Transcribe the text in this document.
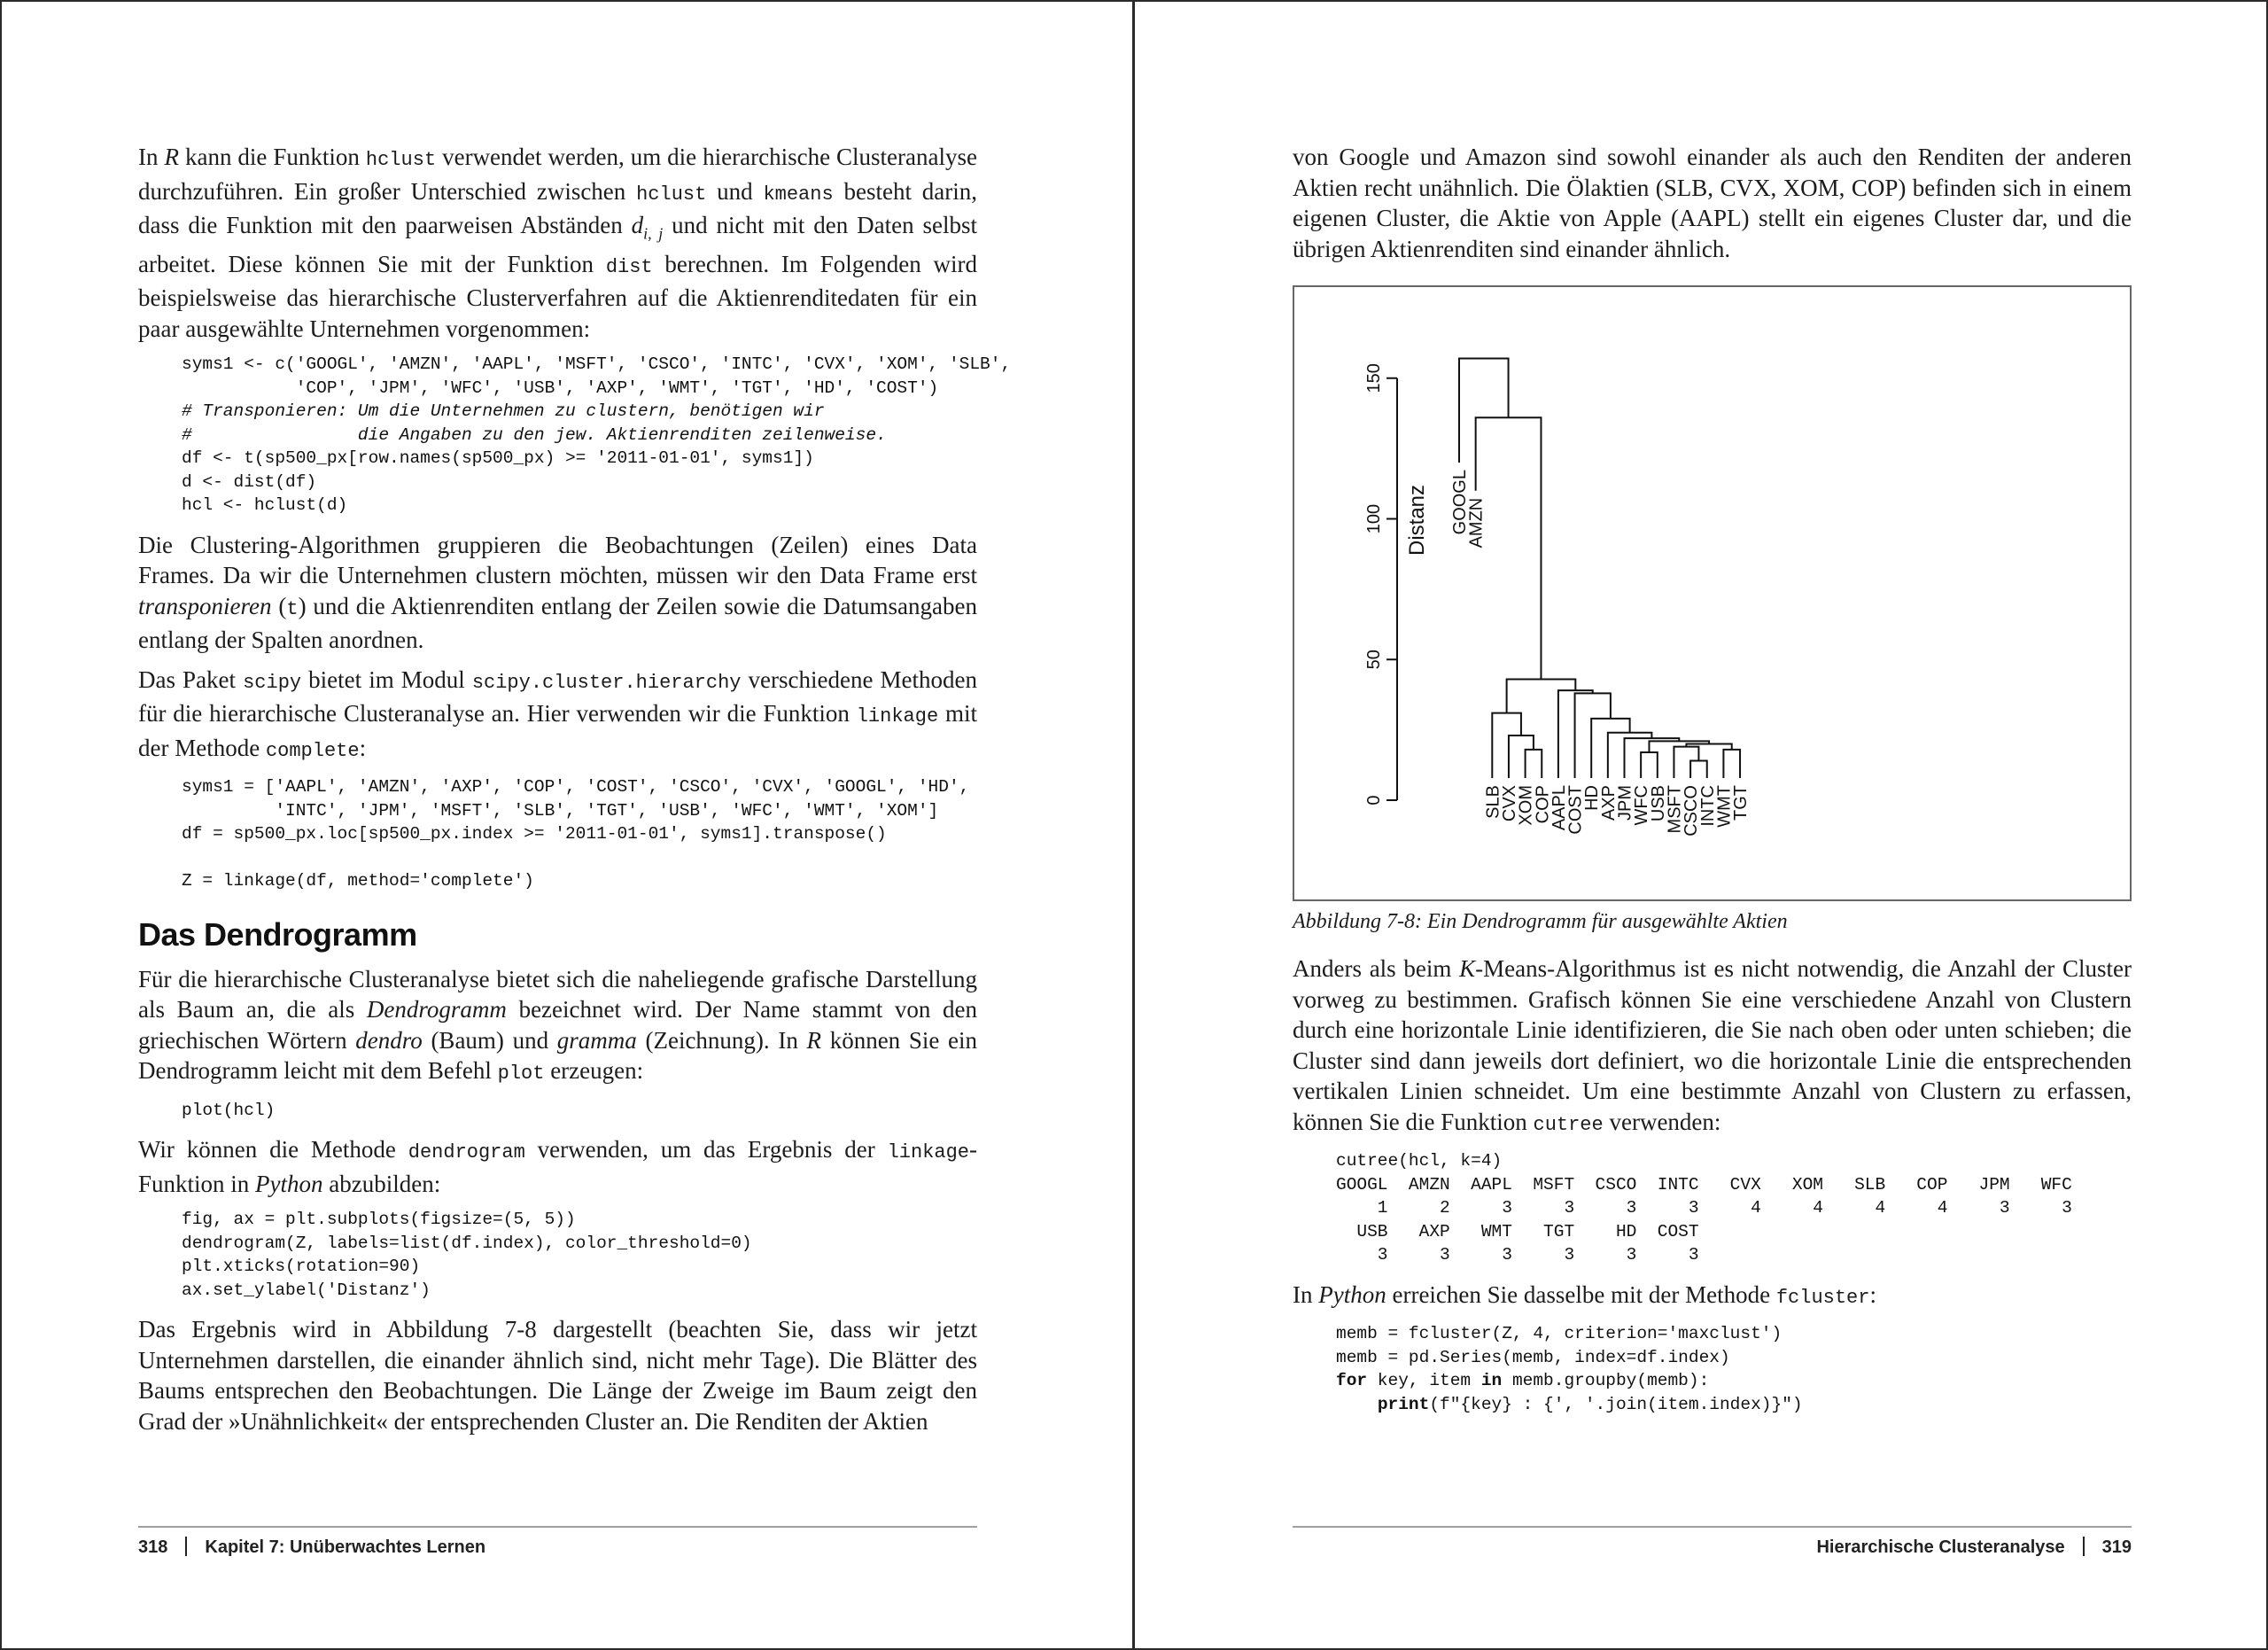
In R kann die Funktion hclust verwendet werden, um die hierarchische Clusteranalyse durchzuführen. Ein großer Unterschied zwischen hclust und kmeans besteht darin, dass die Funktion mit den paarweisen Abständen $d_{i, j}$ und nicht mit den Daten selbst arbeitet. Diese können Sie mit der Funktion dist berechnen. Im Folgenden wird beispielsweise das hierarchische Clusterverfahren auf die Aktienrenditedaten für ein paar ausgewählte Unternehmen vorgenommen:

syms1 <- c('GOOGL', 'AMZN', 'AAPL', 'MSFT', 'CSCO', 'INTC', 'CVX', 'XOM', 'SLB',
'COP', 'JPM', 'WFC', 'USB', 'AXP', 'WMT', 'TGT', 'HD', 'COST')
# Transponieren: Um die Unternehmen zu clustern, benötigen wir
#                die Angaben zu den jew. Aktienrenditen zeilenweise.
df <- t(sp500_px[row.names(sp500_px) >= '2011-01-01', syms1])
d <- dist(df)
hcl <- hclust(d)

Die Clustering-Algorithmen gruppieren die Beobachtungen (Zeilen) eines Data Frames. Da wir die Unternehmen clustern möchten, müssen wir den Data Frame erst transponieren (t) und die Aktienrenditen entlang der Zeilen sowie die Datumsangaben entlang der Spalten anordnen.

Das Paket scipy bietet im Modul scipy.cluster.hierarchy verschiedene Methoden für die hierarchische Clusteranalyse an. Hier verwenden wir die Funktion linkage mit der Methode complete:

syms1 = ['AAPL', 'AMZN', 'AXP', 'COP', 'COST', 'CSCO', 'CVX', 'GOOGL', 'HD',
'INTC', 'JPM', 'MSFT', 'SLB', 'TGT', 'USB', 'WFC', 'WMT', 'XOM']
df = sp500_px.loc[sp500_px.index >= '2011-01-01', syms1].transpose()

Z = linkage(df, method='complete')
Das Dendrogramm

Für die hierarchische Clusteranalyse bietet sich die naheliegende grafische Darstellung als Baum an, die als Dendrogramm bezeichnet wird. Der Name stammt von den griechischen Wörtern dendro (Baum) und gramma (Zeichnung). In R können Sie ein Dendrogramm leicht mit dem Befehl plot erzeugen:

plot(hcl)

Wir können die Methode dendrogram verwenden, um das Ergebnis der linkage-Funktion in Python abzubilden:

fig, ax = plt.subplots(figsize=(5, 5))
dendrogram(Z, labels=list(df.index), color_threshold=0)
plt.xticks(rotation=90)
ax.set_ylabel('Distanz')

Das Ergebnis wird in Abbildung 7-8 dargestellt (beachten Sie, dass wir jetzt Unternehmen darstellen, die einander ähnlich sind, nicht mehr Tage). Die Blätter des Baums entsprechen den Beobachtungen. Die Länge der Zweige im Baum zeigt den Grad der »Unähnlichkeit« der entsprechenden Cluster an. Die Renditen der Aktien

318 Kapitel 7: Unüberwachtes Lernen

von Google und Amazon sind sowohl einander als auch den Renditen der anderen Aktien recht unähnlich. Die Ölaktien (SLB, CVX, XOM, COP) befinden sich in einem eigenen Cluster, die Aktie von Apple (AAPL) stellt ein eigenes Cluster dar, und die übrigen Aktienrenditen sind einander ähnlich.

0
50
100
150
GOOGL
AMZN
SLB
CVX
XOM
COP
AAPL
COST
HD
AXP
JPM
WFC
USB
MSFT
CSCO
INTC
WMT
TGT
Distanz
Abbildung 7-8: Ein Dendrogramm für ausgewählte Aktien

Anders als beim K-Means-Algorithmus ist es nicht notwendig, die Anzahl der Cluster vorweg zu bestimmen. Grafisch können Sie eine verschiedene Anzahl von Clustern durch eine horizontale Linie identifizieren, die Sie nach oben oder unten schieben; die Cluster sind dann jeweils dort definiert, wo die horizontale Linie die entsprechenden vertikalen Linien schneidet. Um eine bestimmte Anzahl von Clustern zu erfassen, können Sie die Funktion cutree verwenden:

cutree(hcl, k=4)
GOOGL  AMZN  AAPL  MSFT  CSCO  INTC   CVX   XOM   SLB   COP   JPM   WFC
1     2     3     3     3     3     4     4     4     4     3     3
USB   AXP   WMT   TGT    HD  COST
3     3     3     3     3     3

In Python erreichen Sie dasselbe mit der Methode fcluster:

memb = fcluster(Z, 4, criterion='maxclust')
memb = pd.Series(memb, index=df.index)
for key, item in memb.groupby(memb):
print(f"{key} : {', '.join(item.index)}")
Hierarchische Clusteranalyse 319
